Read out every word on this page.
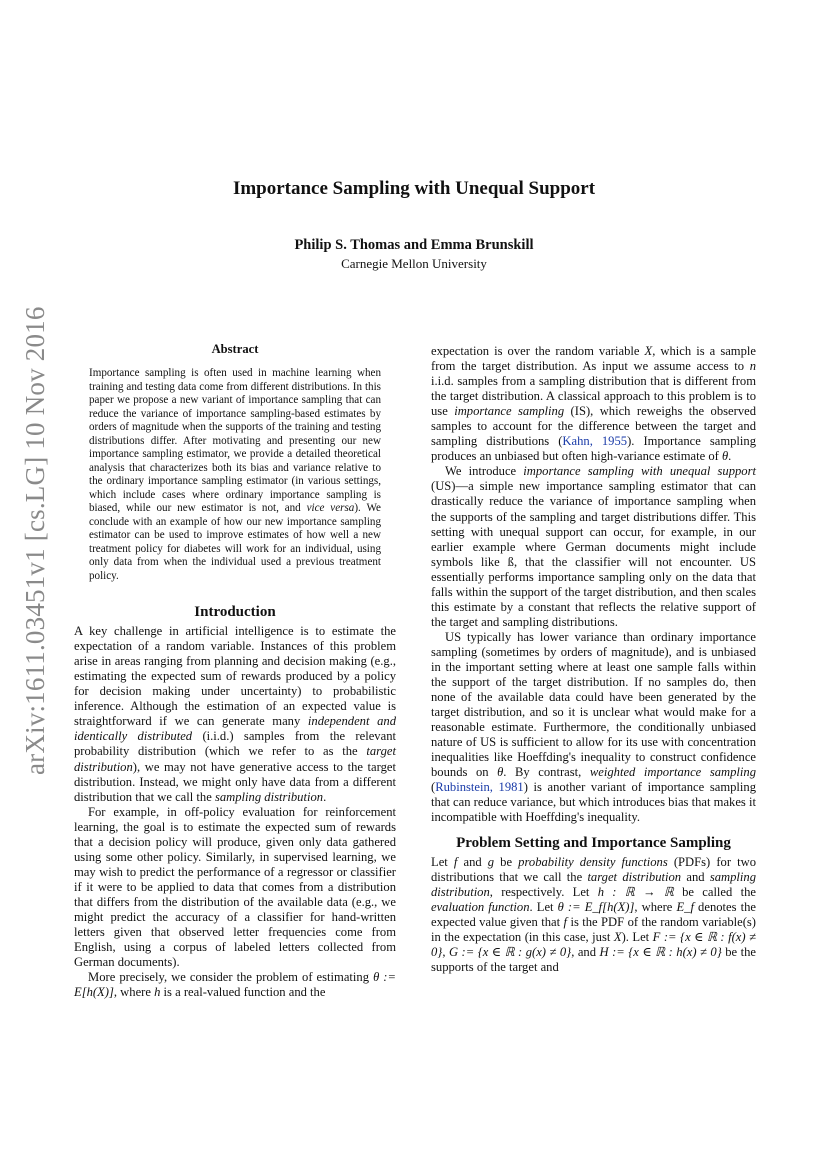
arXiv:1611.03451v1 [cs.LG] 10 Nov 2016
Importance Sampling with Unequal Support
Philip S. Thomas and Emma Brunskill
Carnegie Mellon University
Abstract
Importance sampling is often used in machine learning when training and testing data come from different distributions. In this paper we propose a new variant of importance sampling that can reduce the variance of importance sampling-based estimates by orders of magnitude when the supports of the training and testing distributions differ. After motivating and presenting our new importance sampling estimator, we provide a detailed theoretical analysis that characterizes both its bias and variance relative to the ordinary importance sampling estimator (in various settings, which include cases where ordinary importance sampling is biased, while our new estimator is not, and vice versa). We conclude with an example of how our new importance sampling estimator can be used to improve estimates of how well a new treatment policy for diabetes will work for an individual, using only data from when the individual used a previous treatment policy.
Introduction

A key challenge in artificial intelligence is to estimate the expectation of a random variable. Instances of this problem arise in areas ranging from planning and decision making (e.g., estimating the expected sum of rewards produced by a policy for decision making under uncertainty) to probabilistic inference. Although the estimation of an expected value is straightforward if we can generate many independent and identically distributed (i.i.d.) samples from the relevant probability distribution (which we refer to as the target distribution), we may not have generative access to the target distribution. Instead, we might only have data from a different distribution that we call the sampling distribution.

For example, in off-policy evaluation for reinforcement learning, the goal is to estimate the expected sum of rewards that a decision policy will produce, given only data gathered using some other policy. Similarly, in supervised learning, we may wish to predict the performance of a regressor or classifier if it were to be applied to data that comes from a distribution that differs from the distribution of the available data (e.g., we might predict the accuracy of a classifier for hand-written letters given that observed letter frequencies come from English, using a corpus of labeled letters collected from German documents).

More precisely, we consider the problem of estimating θ := E[h(X)], where h is a real-valued function and the

expectation is over the random variable X, which is a sample from the target distribution. As input we assume access to n i.i.d. samples from a sampling distribution that is different from the target distribution. A classical approach to this problem is to use importance sampling (IS), which reweighs the observed samples to account for the difference between the target and sampling distributions (Kahn, 1955). Importance sampling produces an unbiased but often high-variance estimate of θ.

We introduce importance sampling with unequal support (US)—a simple new importance sampling estimator that can drastically reduce the variance of importance sampling when the supports of the sampling and target distributions differ. This setting with unequal support can occur, for example, in our earlier example where German documents might include symbols like ß, that the classifier will not encounter. US essentially performs importance sampling only on the data that falls within the support of the target distribution, and then scales this estimate by a constant that reflects the relative support of the target and sampling distributions.

US typically has lower variance than ordinary importance sampling (sometimes by orders of magnitude), and is unbiased in the important setting where at least one sample falls within the support of the target distribution. If no samples do, then none of the available data could have been generated by the target distribution, and so it is unclear what would make for a reasonable estimate. Furthermore, the conditionally unbiased nature of US is sufficient to allow for its use with concentration inequalities like Hoeffding's inequality to construct confidence bounds on θ. By contrast, weighted importance sampling (Rubinstein, 1981) is another variant of importance sampling that can reduce variance, but which introduces bias that makes it incompatible with Hoeffding's inequality.

Problem Setting and Importance Sampling

Let f and g be probability density functions (PDFs) for two distributions that we call the target distribution and sampling distribution, respectively. Let h : ℝ → ℝ be called the evaluation function. Let θ := E_f[h(X)], where E_f denotes the expected value given that f is the PDF of the random variable(s) in the expectation (in this case, just X). Let F := {x ∈ ℝ : f(x) ≠ 0}, G := {x ∈ ℝ : g(x) ≠ 0}, and H := {x ∈ ℝ : h(x) ≠ 0} be the supports of the target and
